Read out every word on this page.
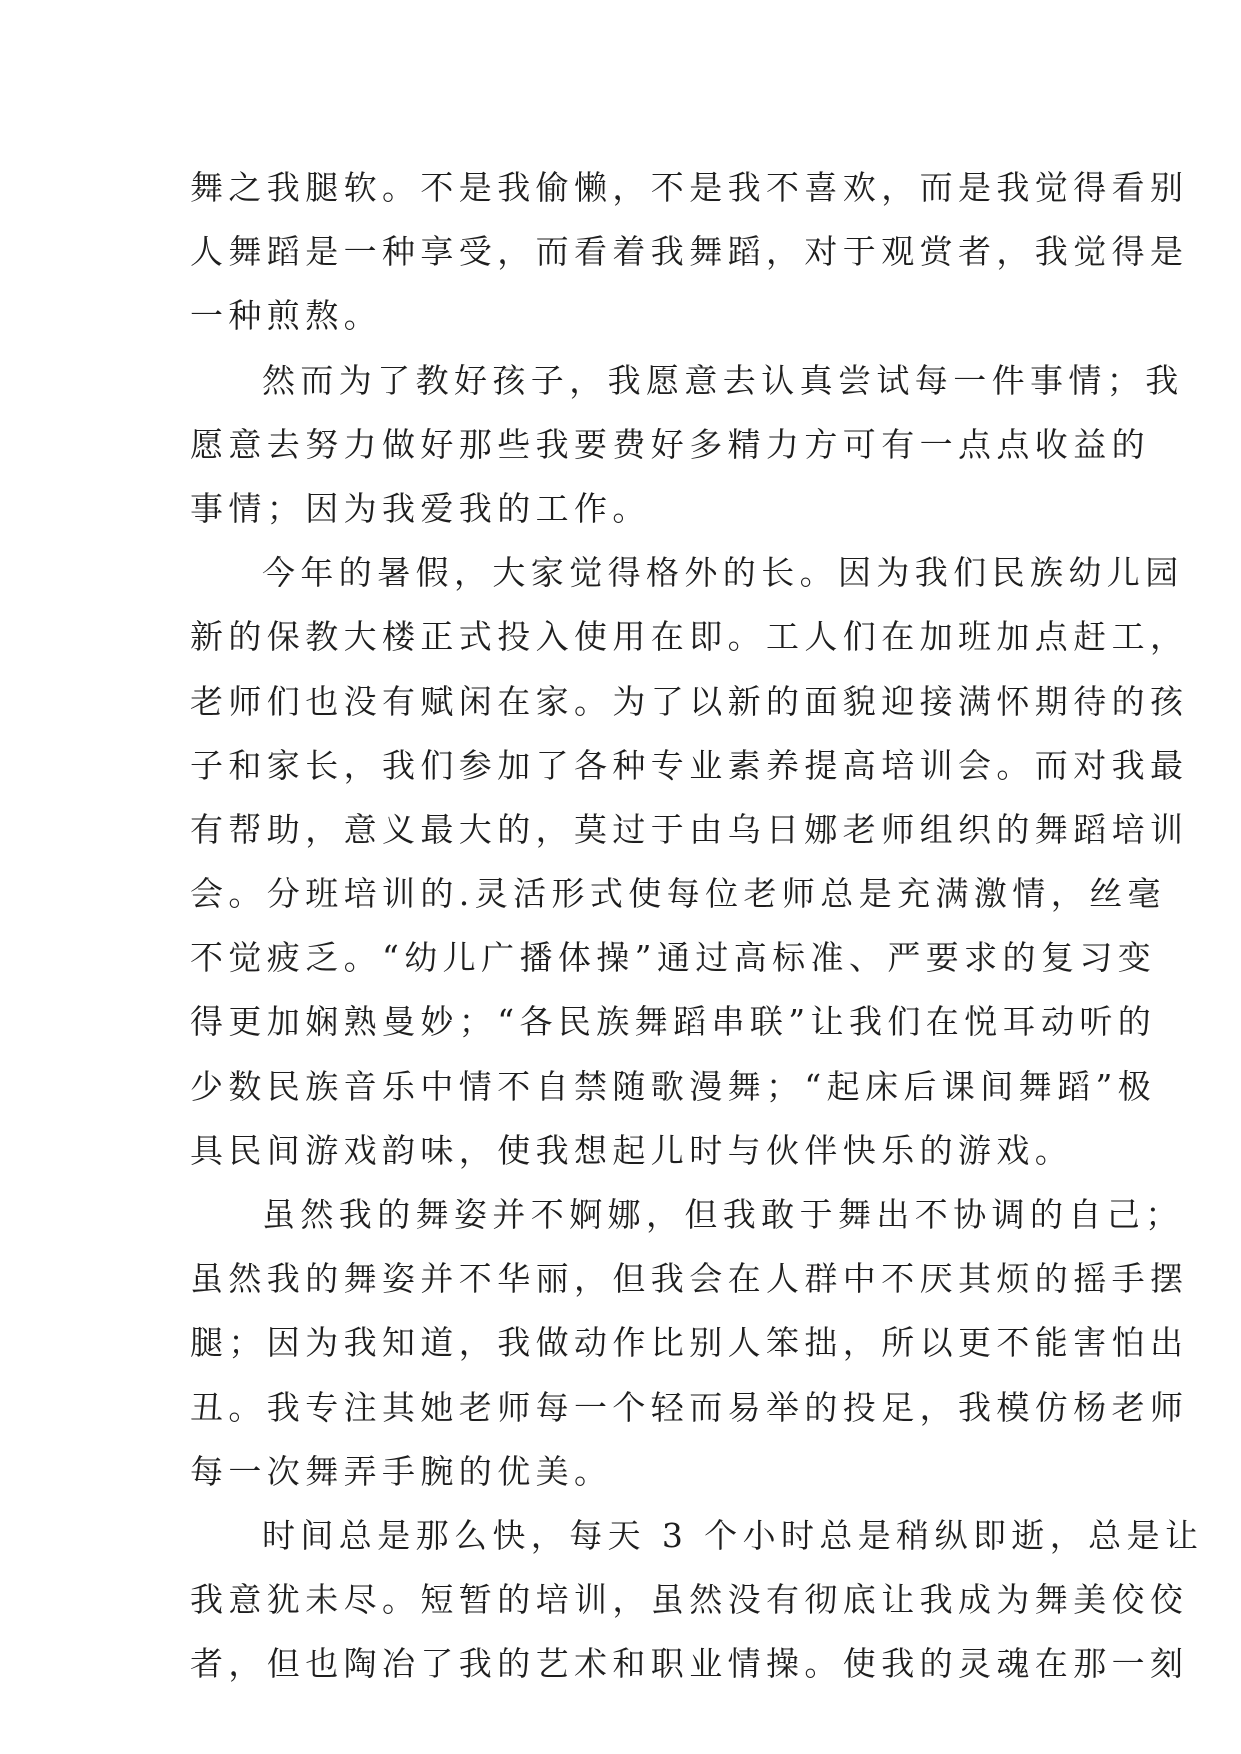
舞之我腿软。不是我偷懒，不是我不喜欢，而是我觉得看别
人舞蹈是一种享受，而看着我舞蹈，对于观赏者，我觉得是
一种煎熬。
然而为了教好孩子，我愿意去认真尝试每一件事情；我
愿意去努力做好那些我要费好多精力方可有一点点收益的
事情；因为我爱我的工作。
今年的暑假，大家觉得格外的长。因为我们民族幼儿园
新的保教大楼正式投入使用在即。工人们在加班加点赶工，
老师们也没有赋闲在家。为了以新的面貌迎接满怀期待的孩
子和家长，我们参加了各种专业素养提高培训会。而对我最
有帮助，意义最大的，莫过于由乌日娜老师组织的舞蹈培训
会。分班培训的.灵活形式使每位老师总是充满激情，丝毫
不觉疲乏。“幼儿广播体操”通过高标准、严要求的复习变
得更加娴熟曼妙；“各民族舞蹈串联”让我们在悦耳动听的
少数民族音乐中情不自禁随歌漫舞；“起床后课间舞蹈”极
具民间游戏韵味，使我想起儿时与伙伴快乐的游戏。
虽然我的舞姿并不婀娜，但我敢于舞出不协调的自己；
虽然我的舞姿并不华丽，但我会在人群中不厌其烦的摇手摆
腿；因为我知道，我做动作比别人笨拙，所以更不能害怕出
丑。我专注其她老师每一个轻而易举的投足，我模仿杨老师
每一次舞弄手腕的优美。
时间总是那么快，每天 3 个小时总是稍纵即逝，总是让
我意犹未尽。短暂的培训，虽然没有彻底让我成为舞美佼佼
者，但也陶冶了我的艺术和职业情操。使我的灵魂在那一刻
